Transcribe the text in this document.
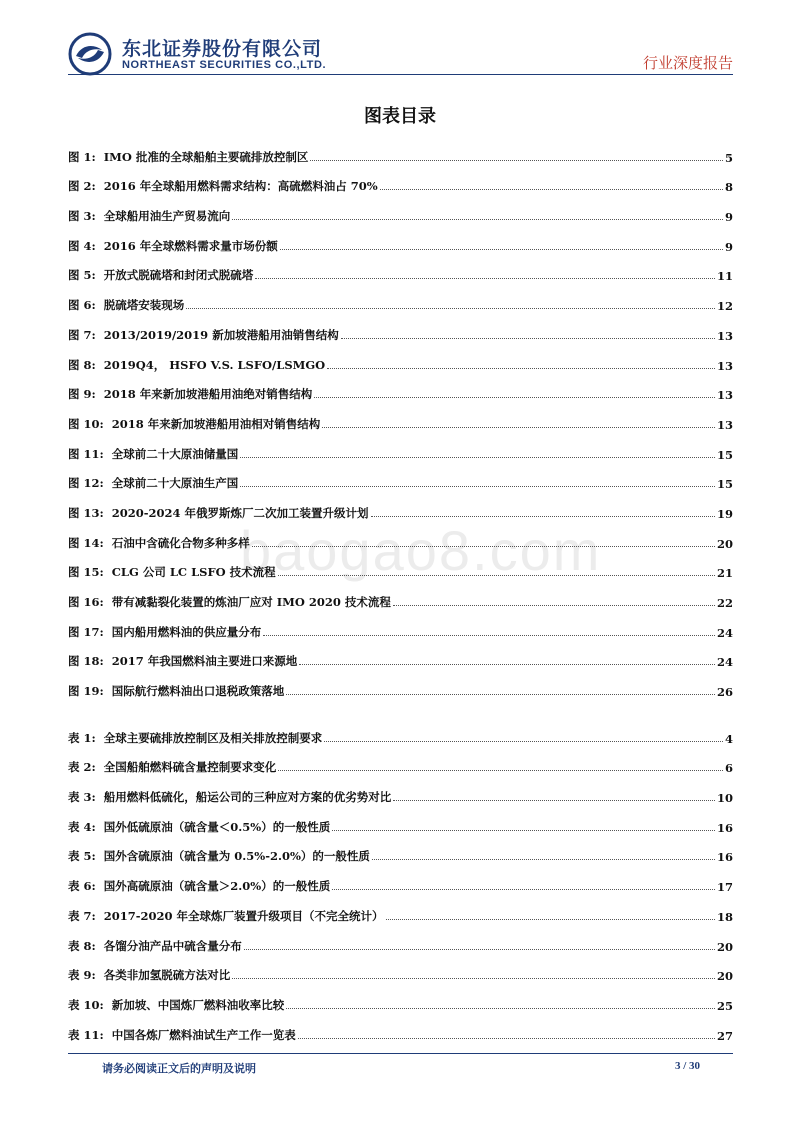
东北证券股份有限公司
NORTHEAST SECURITIES CO.,LTD.	行业深度报告
图表目录
baogao8.com
图 1: IMO 批准的全球船舶主要硫排放控制区	5
图 2: 2016 年全球船用燃料需求结构：高硫燃料油占 70%	8
图 3: 全球船用油生产贸易流向	9
图 4: 2016 年全球燃料需求量市场份额	9
图 5: 开放式脱硫塔和封闭式脱硫塔	11
图 6: 脱硫塔安装现场	12
图 7: 2013/2019/2019 新加坡港船用油销售结构	13
图 8: 2019Q4， HSFO V.S. LSFO/LSMGO	13
图 9: 2018 年来新加坡港船用油绝对销售结构	13
图 10: 2018 年来新加坡港船用油相对销售结构	13
图 11: 全球前二十大原油储量国	15
图 12: 全球前二十大原油生产国	15
图 13: 2020-2024 年俄罗斯炼厂二次加工装置升级计划	19
图 14: 石油中含硫化合物多种多样	20
图 15: CLG 公司 LC LSFO 技术流程	21
图 16: 带有减黏裂化装置的炼油厂应对 IMO 2020 技术流程	22
图 17: 国内船用燃料油的供应量分布	24
图 18: 2017 年我国燃料油主要进口来源地	24
图 19: 国际航行燃料油出口退税政策落地	26
表 1: 全球主要硫排放控制区及相关排放控制要求	4
表 2: 全国船舶燃料硫含量控制要求变化	6
表 3: 船用燃料低硫化，船运公司的三种应对方案的优劣势对比	10
表 4: 国外低硫原油（硫含量＜0.5%）的一般性质	16
表 5: 国外含硫原油（硫含量为 0.5%-2.0%）的一般性质	16
表 6: 国外高硫原油（硫含量＞2.0%）的一般性质	17
表 7: 2017-2020 年全球炼厂装置升级项目（不完全统计）	18
表 8: 各馏分油产品中硫含量分布	20
表 9: 各类非加氢脱硫方法对比	20
表 10: 新加坡、中国炼厂燃料油收率比较	25
表 11: 中国各炼厂燃料油试生产工作一览表	27
请务必阅读正文后的声明及说明	3 / 30
